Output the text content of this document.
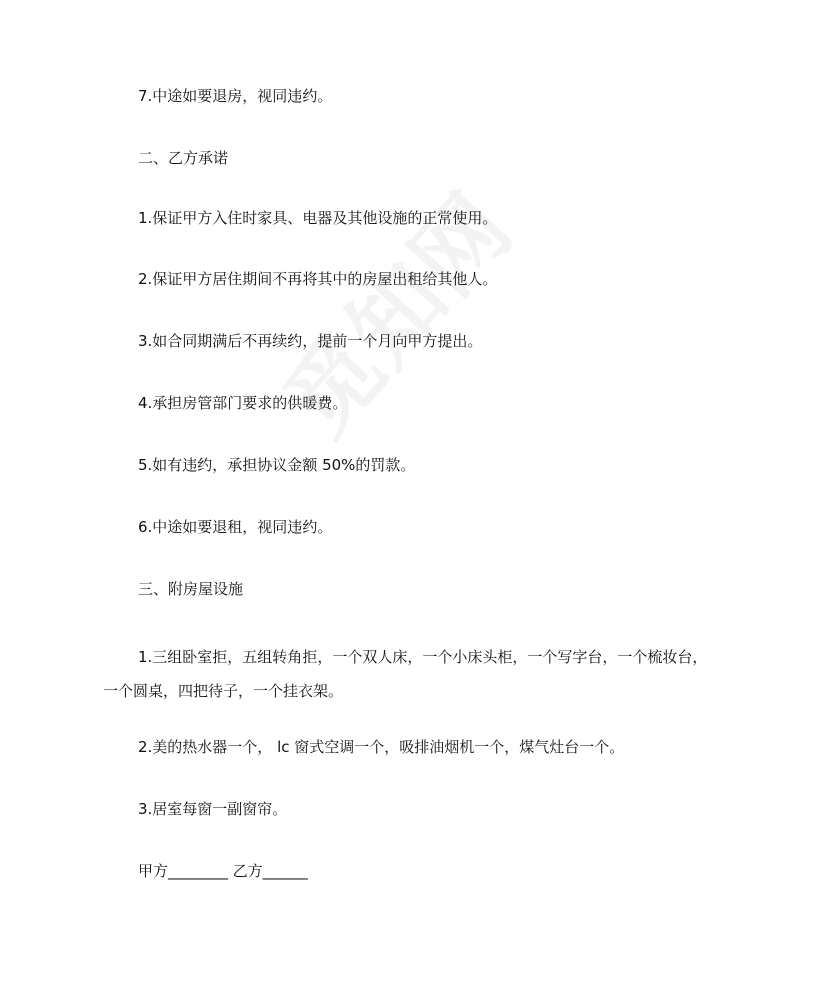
7.中途如要退房，视同违约。
二、乙方承诺
1.保证甲方入住时家具、电器及其他设施的正常使用。
2.保证甲方居住期间不再将其中的房屋出租给其他人。
3.如合同期满后不再续约，提前一个月向甲方提出。
4.承担房管部门要求的供暖费。
5.如有违约，承担协议金额 50%的罚款。
6.中途如要退租，视同违约。
三、附房屋设施
1.三组卧室拒，五组转角拒，一个双人床，一个小床头柜，一个写字台，一个梳妆台，
一个圆桌，四把待子，一个挂衣架。
2.美的热水器一个， lc 窗式空调一个，吸排油烟机一个，煤气灶台一个。
3.居室每窗一副窗帘。
甲方________ 乙方______
